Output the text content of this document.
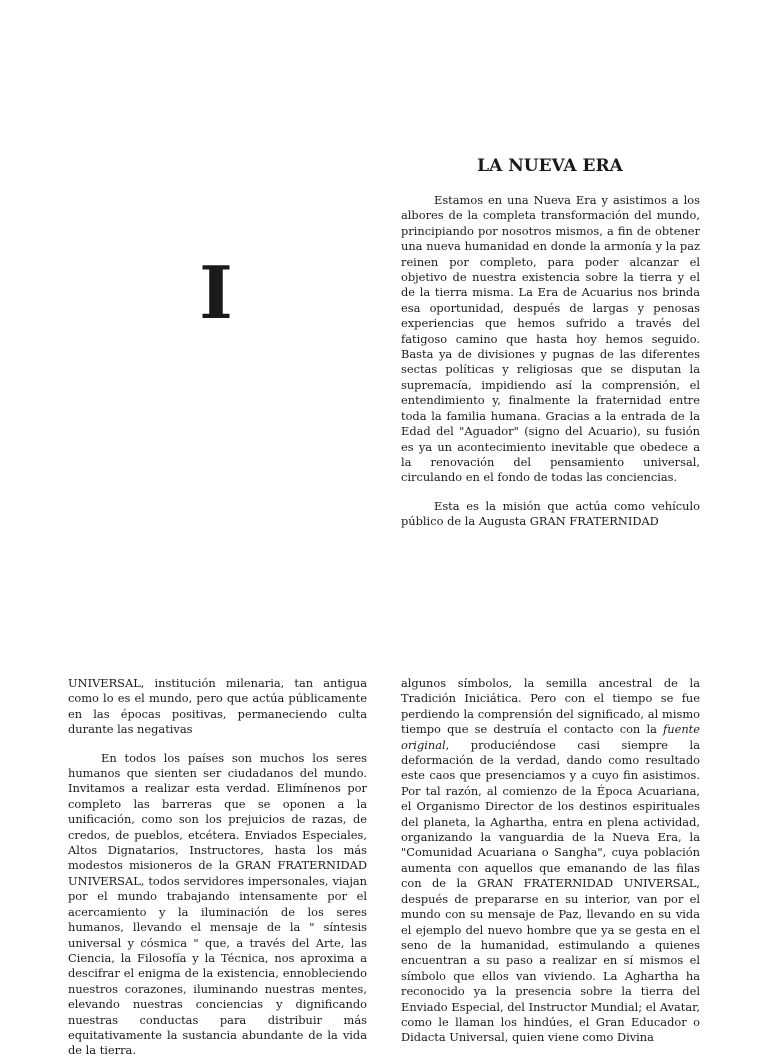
I
LA NUEVA ERA

Estamos en una Nueva Era y asistimos a los albores de la completa transformación del mundo, principiando por nosotros mismos, a fin de obtener una nueva humanidad en donde la armonía y la paz reinen por completo, para poder alcanzar el objetivo de nuestra existencia sobre la tierra y el de la tierra misma. La Era de Acuarius nos brinda esa oportunidad, después de largas y penosas experiencias que hemos sufrido a través del fatigoso camino que hasta hoy hemos seguido. Basta ya de divisiones y pugnas de las diferentes sectas políticas y religiosas que se disputan la supremacía, impidiendo así la comprensión, el entendimiento y, finalmente la fraternidad entre toda la familia humana. Gracias a la entrada de la Edad del "Aguador" (signo del Acuario), su fusión es ya un acontecimiento inevitable que obedece a la renovación del pensamiento universal, circulando en el fondo de todas las conciencias.

Esta es la misión que actúa como vehículo público de la Augusta GRAN FRATERNIDAD

UNIVERSAL, institución milenaria, tan antigua como lo es el mundo, pero que actúa públicamente en las épocas positivas, permaneciendo culta durante las negativas

En todos los países son muchos los seres humanos que sienten ser ciudadanos del mundo. Invitamos a realizar esta verdad. Elimínenos por completo las barreras que se oponen a la unificación, como son los prejuicios de razas, de credos, de pueblos, etcétera. Enviados Especiales, Altos Dignatarios, Instructores, hasta los más modestos misioneros de la GRAN FRATERNIDAD UNIVERSAL, todos servidores impersonales, viajan por el mundo trabajando intensamente por el acercamiento y la iluminación de los seres humanos, llevando el mensaje de la " síntesis universal y cósmica " que, a través del Arte, las Ciencia, la Filosofía y la Técnica, nos aproxima a descifrar el enigma de la existencia, ennobleciendo nuestros corazones, iluminando nuestras mentes, elevando nuestras conciencias y dignificando nuestras conductas para distribuir más equitativamente la sustancia abundante de la vida de la tierra.

algunos símbolos, la semilla ancestral de la Tradición Iniciática. Pero con el tiempo se fue perdiendo la comprensión del significado, al mismo tiempo que se destruía el contacto con la fuente original, produciéndose casi siempre la deformación de la verdad, dando como resultado este caos que presenciamos y a cuyo fin asistimos. Por tal razón, al comienzo de la Época Acuariana, el Organismo Director de los destinos espirituales del planeta, la Aghartha, entra en plena actividad, organizando la vanguardia de la Nueva Era, la "Comunidad Acuariana o Sangha", cuya población aumenta con aquellos que emanando de las filas con de la GRAN FRATERNIDAD UNIVERSAL, después de prepararse en su interior, van por el mundo con su mensaje de Paz, llevando en su vida el ejemplo del nuevo hombre que ya se gesta en el seno de la humanidad, estimulando a quienes encuentran a su paso a realizar en sí mismos el símbolo que ellos van viviendo. La Aghartha ha reconocido ya la presencia sobre la tierra del Enviado Especial, del Instructor Mundial; el Avatar, como le llaman los hindúes, el Gran Educador o Didacta Universal, quien viene como Divina
